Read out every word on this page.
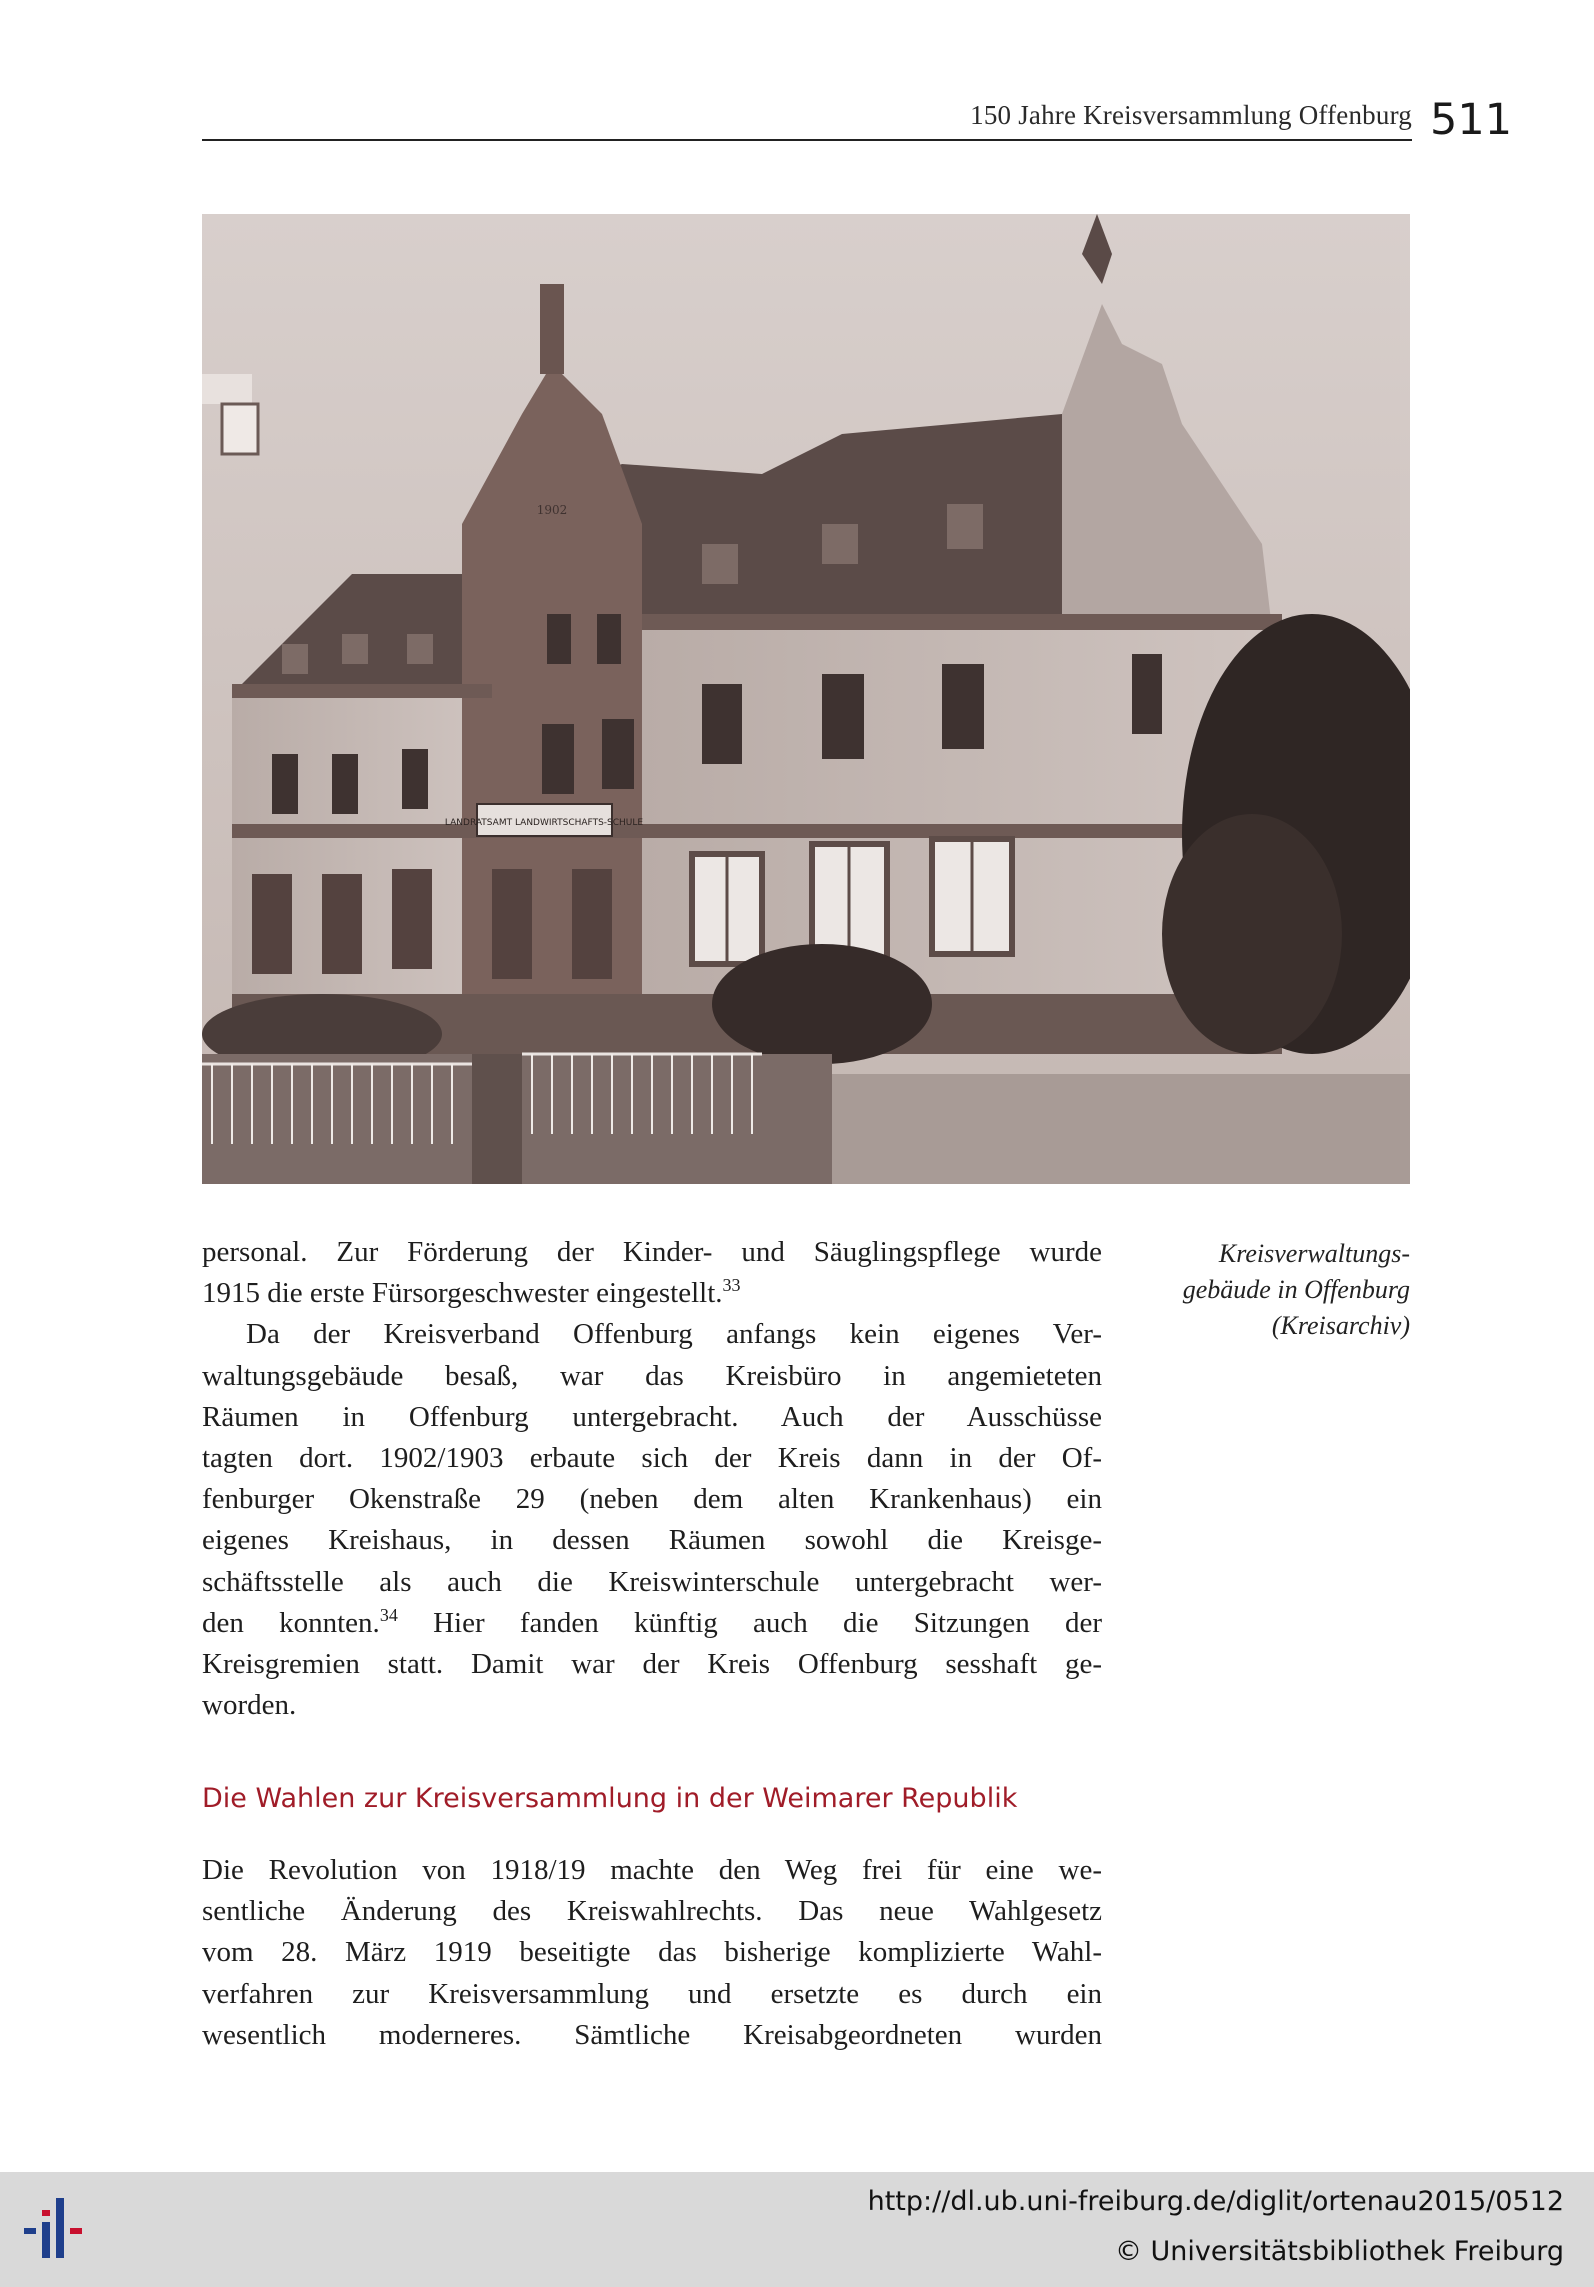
150 Jahre Kreisversammlung Offenburg 511
LANDRATSAMT LANDWIRTSCHAFTS-SCHULE
1902
Kreisverwaltungs-
gebäude in Offenburg
(Kreisarchiv)
personal. Zur Förderung der Kinder- und Säuglingspflege wurde
1915 die erste Fürsorgeschwester eingestellt.$^{33}$
Da der Kreisverband Offenburg anfangs kein eigenes Ver-
waltungsgebäude besaß, war das Kreisbüro in angemieteten
Räumen in Offenburg untergebracht. Auch der Ausschüsse
tagten dort. 1902/1903 erbaute sich der Kreis dann in der Of-
fenburger Okenstraße 29 (neben dem alten Krankenhaus) ein
eigenes Kreishaus, in dessen Räumen sowohl die Kreisge-
schäftsstelle als auch die Kreiswinterschule untergebracht wer-
den konnten.$^{34}$ Hier fanden künftig auch die Sitzungen der
Kreisgremien statt. Damit war der Kreis Offenburg sesshaft ge-
worden.
Die Wahlen zur Kreisversammlung in der Weimarer Republik
Die Revolution von 1918/19 machte den Weg frei für eine we-
sentliche Änderung des Kreiswahlrechts. Das neue Wahlgesetz
vom 28. März 1919 beseitigte das bisherige komplizierte Wahl-
verfahren zur Kreisversammlung und ersetzte es durch ein
wesentlich moderneres. Sämtliche Kreisabgeordneten wurden
http://dl.ub.uni-freiburg.de/diglit/ortenau2015/0512
© Universitätsbibliothek Freiburg
